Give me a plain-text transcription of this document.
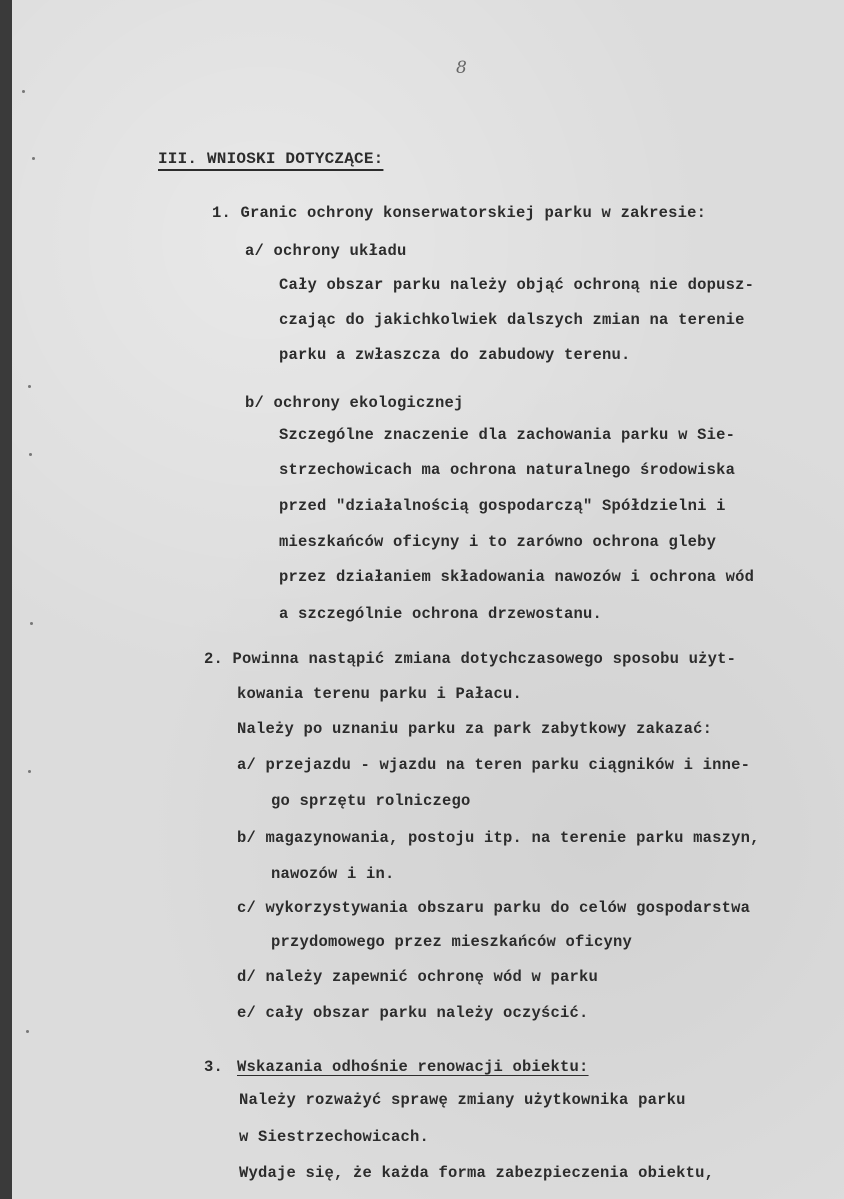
8
III. WNIOSKI DOTYCZĄCE:
1. Granic ochrony konserwatorskiej parku w zakresie:
a/ ochrony układu
Cały obszar parku należy objąć ochroną nie dopusz-
czając do jakichkolwiek dalszych zmian na terenie
parku a zwłaszcza do zabudowy terenu.
b/ ochrony ekologicznej
Szczególne znaczenie dla zachowania parku w Sie-
strzechowicach ma ochrona naturalnego środowiska
przed "działalnością gospodarczą" Spółdzielni i
mieszkańców oficyny i to zarówno ochrona gleby
przez działaniem składowania nawozów i ochrona wód
a szczególnie ochrona drzewostanu.
2. Powinna nastąpić zmiana dotychczasowego sposobu użyt-
kowania terenu parku i Pałacu.
Należy po uznaniu parku za park zabytkowy zakazać:
a/ przejazdu - wjazdu na teren parku ciągników i inne-
go sprzętu rolniczego
b/ magazynowania, postoju itp. na terenie parku maszyn,
nawozów i in.
c/ wykorzystywania obszaru parku do celów gospodarstwa
przydomowego przez mieszkańców oficyny
d/ należy zapewnić ochronę wód w parku
e/ cały obszar parku należy oczyścić.
3. Wskazania odhośnie renowacji obiektu:
Należy rozważyć sprawę zmiany użytkownika parku
w Siestrzechowicach.
Wydaje się, że każda forma zabezpieczenia obiektu,
